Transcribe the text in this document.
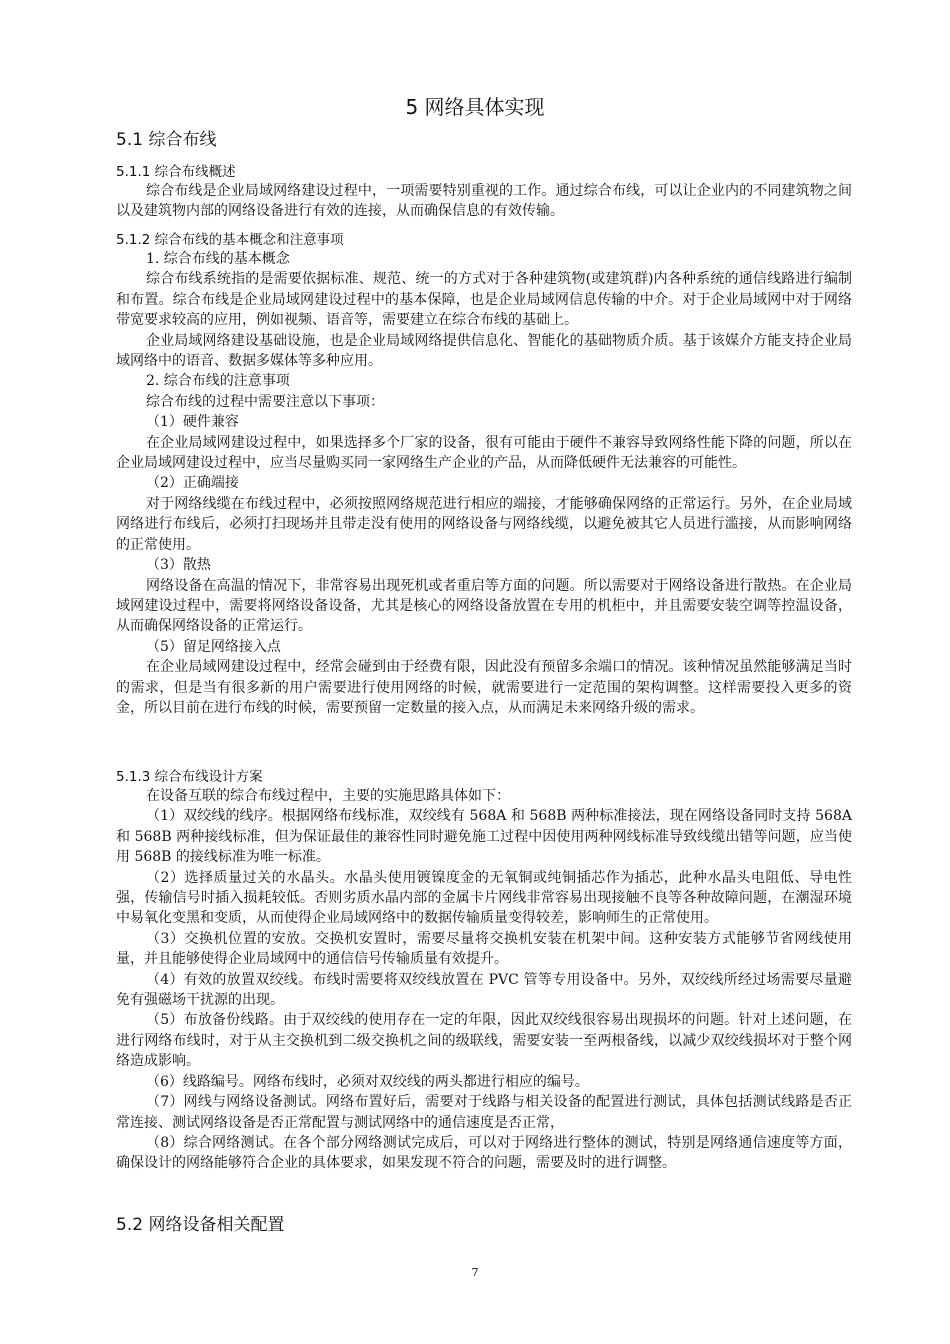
5 网络具体实现
5.1 综合布线
5.1.1 综合布线概述

综合布线是企业局域网络建设过程中，一项需要特别重视的工作。通过综合布线，可以让企业内的不同建筑物之间以及建筑物内部的网络设备进行有效的连接，从而确保信息的有效传输。

5.1.2 综合布线的基本概念和注意事项

1. 综合布线的基本概念

综合布线系统指的是需要依据标准、规范、统一的方式对于各种建筑物(或建筑群)内各种系统的通信线路进行编制和布置。综合布线是企业局域网建设过程中的基本保障，也是企业局域网信息传输的中介。对于企业局域网中对于网络带宽要求较高的应用，例如视频、语音等，需要建立在综合布线的基础上。

企业局域网络建设基础设施，也是企业局域网络提供信息化、智能化的基础物质介质。基于该媒介方能支持企业局域网络中的语音、数据多媒体等多种应用。

2. 综合布线的注意事项

综合布线的过程中需要注意以下事项：

（1）硬件兼容

在企业局域网建设过程中，如果选择多个厂家的设备，很有可能由于硬件不兼容导致网络性能下降的问题，所以在企业局域网建设过程中，应当尽量购买同一家网络生产企业的产品，从而降低硬件无法兼容的可能性。

（2）正确端接

对于网络线缆在布线过程中，必须按照网络规范进行相应的端接，才能够确保网络的正常运行。另外，在企业局域网络进行布线后，必须打扫现场并且带走没有使用的网络设备与网络线缆，以避免被其它人员进行滥接，从而影响网络的正常使用。

（3）散热

网络设备在高温的情况下，非常容易出现死机或者重启等方面的问题。所以需要对于网络设备进行散热。在企业局域网建设过程中，需要将网络设备设备，尤其是核心的网络设备放置在专用的机柜中，并且需要安装空调等控温设备，从而确保网络设备的正常运行。

（5）留足网络接入点

在企业局域网建设过程中，经常会碰到由于经费有限，因此没有预留多余端口的情况。该种情况虽然能够满足当时的需求，但是当有很多新的用户需要进行使用网络的时候，就需要进行一定范围的架构调整。这样需要投入更多的资金，所以目前在进行布线的时候，需要预留一定数量的接入点，从而满足未来网络升级的需求。

5.1.3 综合布线设计方案

在设备互联的综合布线过程中，主要的实施思路具体如下：

（1）双绞线的线序。根据网络布线标准，双绞线有 568A 和 568B 两种标准接法，现在网络设备同时支持 568A 和 568B 两种接线标准，但为保证最佳的兼容性同时避免施工过程中因使用两种网线标准导致线缆出错等问题，应当使用 568B 的接线标准为唯一标准。

（2）选择质量过关的水晶头。水晶头使用镀镍度金的无氧铜或纯铜插芯作为插芯，此种水晶头电阻低、导电性强，传输信号时插入损耗较低。否则劣质水晶内部的金属卡片网线非常容易出现接触不良等各种故障问题，在潮湿环境中易氧化变黑和变质，从而使得企业局域网络中的数据传输质量变得较差，影响师生的正常使用。

（3）交换机位置的安放。交换机安置时，需要尽量将交换机安装在机架中间。这种安装方式能够节省网线使用量，并且能够使得企业局域网中的通信信号传输质量有效提升。

（4）有效的放置双绞线。布线时需要将双绞线放置在 PVC 管等专用设备中。另外，双绞线所经过场需要尽量避免有强磁场干扰源的出现。

（5）布放备份线路。由于双绞线的使用存在一定的年限，因此双绞线很容易出现损坏的问题。针对上述问题，在进行网络布线时，对于从主交换机到二级交换机之间的级联线，需要安装一至两根备线，以减少双绞线损坏对于整个网络造成影响。

（6）线路编号。网络布线时，必须对双绞线的两头都进行相应的编号。

（7）网线与网络设备测试。网络布置好后，需要对于线路与相关设备的配置进行测试，具体包括测试线路是否正常连接、测试网络设备是否正常配置与测试网络中的通信速度是否正常，

（8）综合网络测试。在各个部分网络测试完成后，可以对于网络进行整体的测试，特别是网络通信速度等方面，确保设计的网络能够符合企业的具体要求，如果发现不符合的问题，需要及时的进行调整。

5.2 网络设备相关配置
7
